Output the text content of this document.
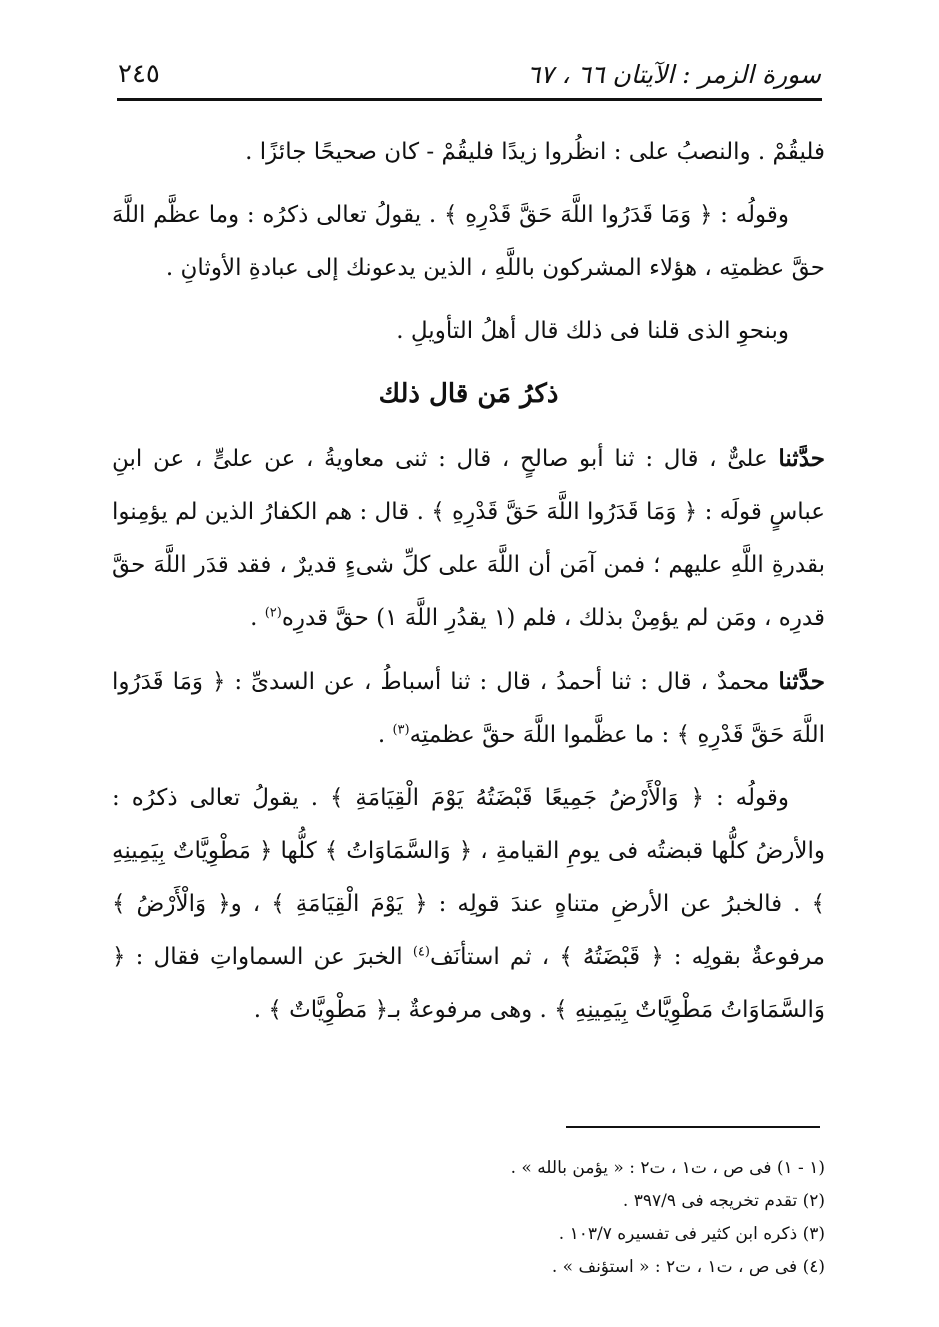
سورة الزمر : الآيتان ٦٦ ، ٦٧
٢٤٥

فليقُمْ . والنصبُ على : انظُروا زيدًا فليقُمْ - كان صحيحًا جائزًا .

وقولُه : ﴿ وَمَا قَدَرُوا اللَّهَ حَقَّ قَدْرِهِ ﴾ . يقولُ تعالى ذكرُه : وما عظَّم اللَّهَ حقَّ عظمتِه ، هؤلاء المشركون باللَّهِ ، الذين يدعونك إلى عبادةِ الأوثانِ .

وبنحوِ الذى قلنا فى ذلك قال أهلُ التأويلِ .

ذكرُ مَن قال ذلك

حدَّثنا علىٌّ ، قال : ثنا أبو صالحٍ ، قال : ثنى معاويةُ ، عن علىٍّ ، عن ابنِ عباسٍ قولَه : ﴿ وَمَا قَدَرُوا اللَّهَ حَقَّ قَدْرِهِ ﴾ . قال : هم الكفارُ الذين لم يؤمِنوا بقدرةِ اللَّهِ عليهم ؛ فمن آمَن أن اللَّهَ على كلِّ شىءٍ قديرٌ ، فقد قدَر اللَّهَ حقَّ قدرِه ، ومَن لم يؤمِنْ بذلك ، فلم (١ يقدُرِ اللَّهَ ١) حقَّ قدرِه$^{(٢)}$ .

حدَّثنا محمدٌ ، قال : ثنا أحمدُ ، قال : ثنا أسباطُ ، عن السدىِّ : ﴿ وَمَا قَدَرُوا اللَّهَ حَقَّ قَدْرِهِ ﴾ : ما عظَّموا اللَّهَ حقَّ عظمتِه$^{(٣)}$ .

وقولُه : ﴿ وَالْأَرْضُ جَمِيعًا قَبْضَتُهُ يَوْمَ الْقِيَامَةِ ﴾ . يقولُ تعالى ذكرُه : والأرضُ كلُّها قبضتُه فى يومِ القيامةِ ، ﴿ وَالسَّمَاوَاتُ ﴾ كلُّها ﴿ مَطْوِيَّاتٌ بِيَمِينِهِ ﴾ . فالخبرُ عن الأرضِ متناهٍ عندَ قولِه : ﴿ يَوْمَ الْقِيَامَةِ ﴾ ، و﴿ وَالْأَرْضُ ﴾ مرفوعةٌ بقولِه : ﴿ قَبْضَتُهُ ﴾ ، ثم استأنَف$^{(٤)}$ الخبرَ عن السماواتِ فقال : ﴿ وَالسَّمَاوَاتُ مَطْوِيَّاتٌ بِيَمِينِهِ ﴾ . وهى مرفوعةٌ بـ﴿ مَطْوِيَّاتٌ ﴾ .

(١ - ١) فى ص ، ت١ ، ت٢ : « يؤمن بالله » .

(٢) تقدم تخريجه فى ٣٩٧/٩ .

(٣) ذكره ابن كثير فى تفسيره ١٠٣/٧ .

(٤) فى ص ، ت١ ، ت٢ : « استؤنف » .
